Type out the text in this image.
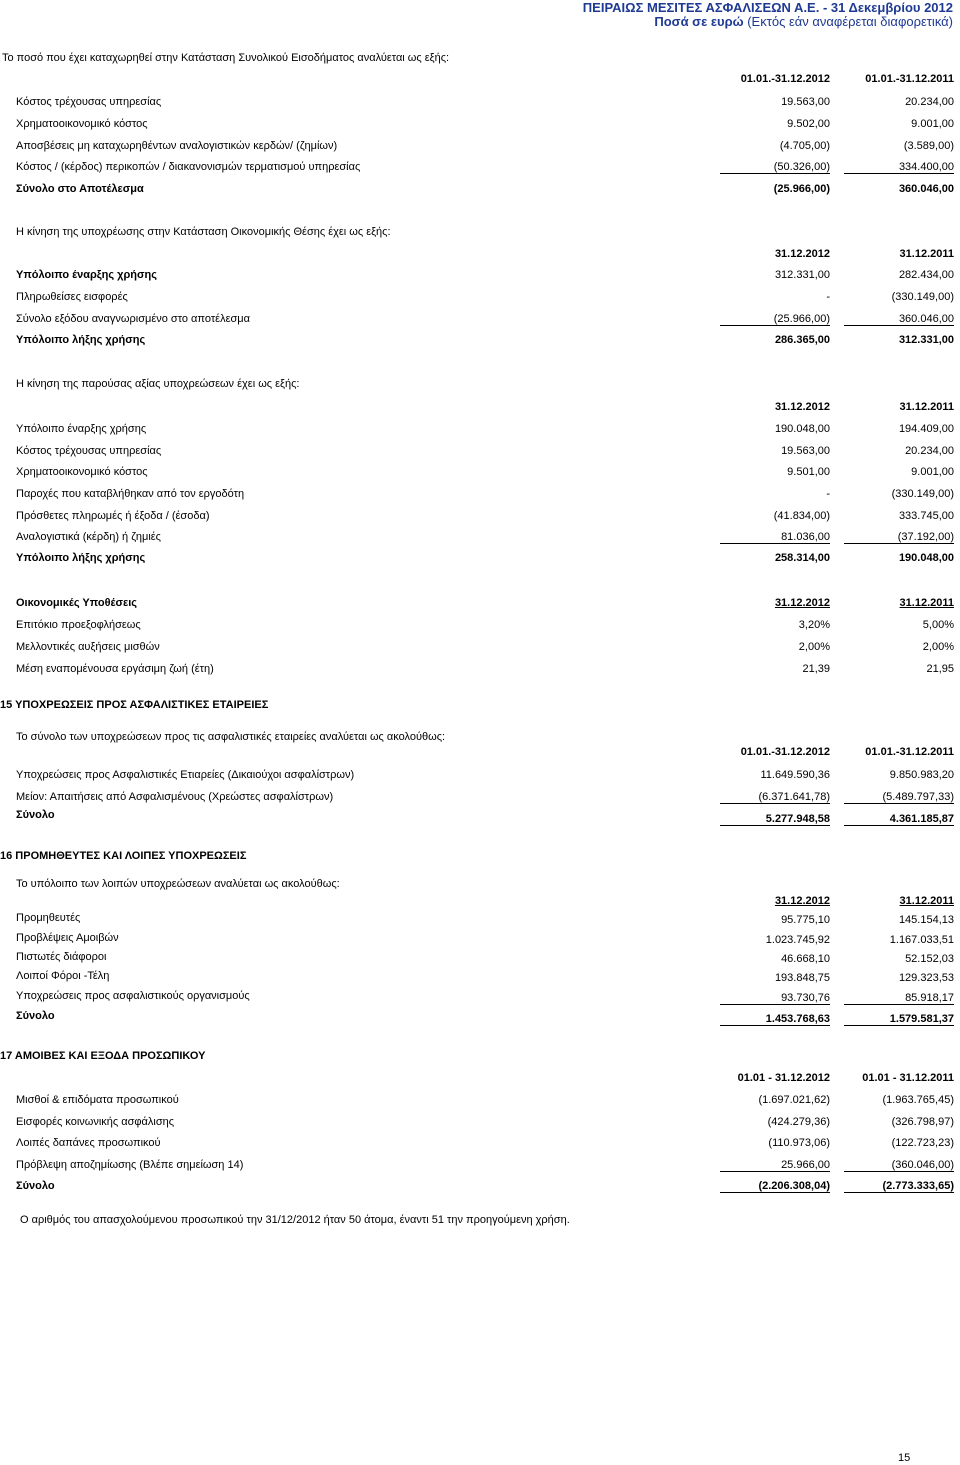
ΠΕΙΡΑΙΩΣ ΜΕΣΙΤΕΣ ΑΣΦΑΛΙΣΕΩΝ Α.Ε. - 31 Δεκεμβρίου 2012
Ποσά σε ευρώ (Εκτός εάν αναφέρεται διαφορετικά)
Το ποσό που έχει καταχωρηθεί στην Κατάσταση Συνολικού Εισοδήματος αναλύεται ως εξής:
01.01.-31.12.2012	01.01.-31.12.2011
Κόστος τρέχουσας υπηρεσίας	19.563,00	20.234,00
Χρηματοοικονομικό κόστος	9.502,00	9.001,00
Αποσβέσεις μη καταχωρηθέντων αναλογιστικών κερδών/ (ζημίων)	(4.705,00)	(3.589,00)
Κόστος / (κέρδος) περικοπών / διακανονισμών τερματισμού υπηρεσίας	(50.326,00)	334.400,00
Σύνολο στο Αποτέλεσμα	(25.966,00)	360.046,00
Η κίνηση της υποχρέωσης στην Κατάσταση Οικονομικής Θέσης έχει ως εξής:
31.12.2012	31.12.2011
Υπόλοιπο έναρξης χρήσης	312.331,00	282.434,00
Πληρωθείσες εισφορές	-	(330.149,00)
Σύνολο εξόδου αναγνωρισμένο στο αποτέλεσμα	(25.966,00)	360.046,00
Υπόλοιπο λήξης χρήσης	286.365,00	312.331,00
Η κίνηση της παρούσας αξίας υποχρεώσεων έχει ως εξής:
31.12.2012	31.12.2011
Υπόλοιπο έναρξης χρήσης	190.048,00	194.409,00
Κόστος τρέχουσας υπηρεσίας	19.563,00	20.234,00
Χρηματοοικονομικό κόστος	9.501,00	9.001,00
Παροχές που καταβλήθηκαν από τον εργοδότη	-	(330.149,00)
Πρόσθετες πληρωμές ή έξοδα / (έσοδα)	(41.834,00)	333.745,00
Αναλογιστικά (κέρδη) ή ζημιές	81.036,00	(37.192,00)
Υπόλοιπο λήξης χρήσης	258.314,00	190.048,00
Οικονομικές Υποθέσεις	31.12.2012	31.12.2011
Επιτόκιο προεξοφλήσεως	3,20%	5,00%
Μελλοντικές αυξήσεις μισθών	2,00%	2,00%
Μέση εναπομένουσα εργάσιμη ζωή (έτη)	21,39	21,95
15 ΥΠΟΧΡΕΩΣΕΙΣ ΠΡΟΣ ΑΣΦΑΛΙΣΤΙΚΕΣ ΕΤΑΙΡΕΙΕΣ
Το σύνολο των υποχρεώσεων προς τις ασφαλιστικές εταιρείες αναλύεται ως ακολούθως:
01.01.-31.12.2012	01.01.-31.12.2011
Υποχρεώσεις προς Ασφαλιστικές Ετιαρείες (Δικαιούχοι ασφαλίστρων)	11.649.590,36	9.850.983,20
Μείον: Απαιτήσεις από Ασφαλισμένους (Χρεώστες ασφαλίστρων)	(6.371.641,78)	(5.489.797,33)
Σύνολο	5.277.948,58	4.361.185,87
16 ΠΡΟΜΗΘΕΥΤΕΣ ΚΑΙ ΛΟΙΠΕΣ ΥΠΟΧΡΕΩΣΕΙΣ
Το υπόλοιπο των λοιπών υποχρεώσεων αναλύεται ως ακολούθως:
31.12.2012	31.12.2011
Προμηθευτές	95.775,10	145.154,13
Προβλέψεις Αμοιβών	1.023.745,92	1.167.033,51
Πιστωτές διάφοροι	46.668,10	52.152,03
Λοιποί Φόροι -Τέλη	193.848,75	129.323,53
Υποχρεώσεις προς ασφαλιστικούς οργανισμούς	93.730,76	85.918,17
Σύνολο	1.453.768,63	1.579.581,37
17 ΑΜΟΙΒΕΣ ΚΑΙ ΕΞΟΔΑ ΠΡΟΣΩΠΙΚΟΥ
01.01 - 31.12.2012	01.01 - 31.12.2011
Μισθοί & επιδόματα προσωπικού	(1.697.021,62)	(1.963.765,45)
Εισφορές κοινωνικής ασφάλισης	(424.279,36)	(326.798,97)
Λοιπές δαπάνες προσωπικού	(110.973,06)	(122.723,23)
Πρόβλεψη αποζημίωσης (Βλέπε σημείωση 14)	25.966,00	(360.046,00)
Σύνολο	(2.206.308,04)	(2.773.333,65)
Ο αριθμός του απασχολούμενου προσωπικού την 31/12/2012 ήταν 50 άτομα, έναντι 51 την προηγούμενη χρήση.
15
